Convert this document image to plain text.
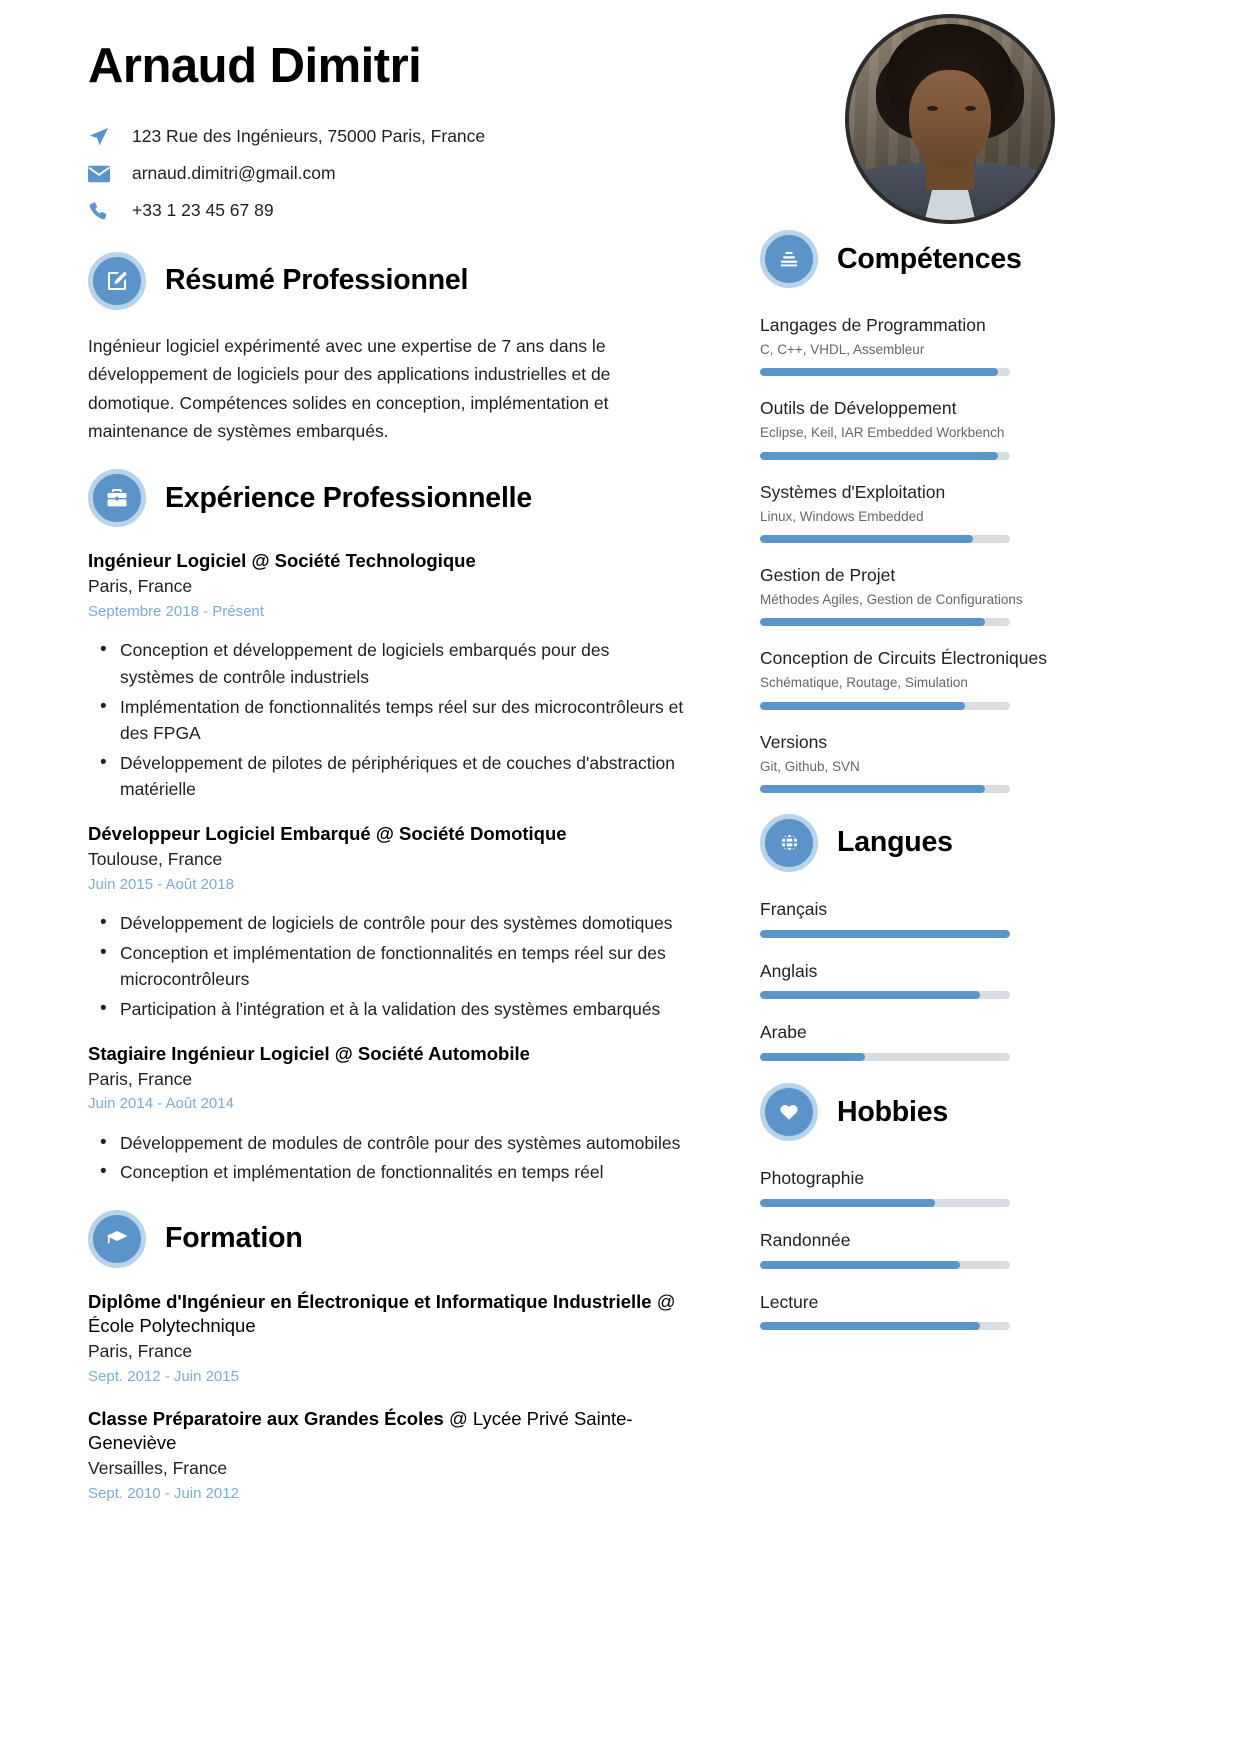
Arnaud Dimitri
123 Rue des Ingénieurs, 75000 Paris, France
arnaud.dimitri@gmail.com
+33 1 23 45 67 89
Résumé Professionnel

Ingénieur logiciel expérimenté avec une expertise de 7 ans dans le développement de logiciels pour des applications industrielles et de domotique. Compétences solides en conception, implémentation et maintenance de systèmes embarqués.

Expérience Professionnelle
Ingénieur Logiciel @ Société Technologique
Paris, France
Septembre 2018 - Présent
• Conception et développement de logiciels embarqués pour des systèmes de contrôle industriels
• Implémentation de fonctionnalités temps réel sur des microcontrôleurs et des FPGA
• Développement de pilotes de périphériques et de couches d'abstraction matérielle
Développeur Logiciel Embarqué @ Société Domotique
Toulouse, France
Juin 2015 - Août 2018
• Développement de logiciels de contrôle pour des systèmes domotiques
• Conception et implémentation de fonctionnalités en temps réel sur des microcontrôleurs
• Participation à l'intégration et à la validation des systèmes embarqués
Stagiaire Ingénieur Logiciel @ Société Automobile
Paris, France
Juin 2014 - Août 2014
• Développement de modules de contrôle pour des systèmes automobiles
• Conception et implémentation de fonctionnalités en temps réel
Formation
Diplôme d'Ingénieur en Électronique et Informatique Industrielle @ École Polytechnique
Paris, France
Sept. 2012 - Juin 2015
Classe Préparatoire aux Grandes Écoles @ Lycée Privé Sainte-Geneviève
Versailles, France
Sept. 2010 - Juin 2012
Compétences
Langages de Programmation
C, C++, VHDL, Assembleur
Outils de Développement
Eclipse, Keil, IAR Embedded Workbench
Systèmes d'Exploitation
Linux, Windows Embedded
Gestion de Projet
Méthodes Agiles, Gestion de Configurations
Conception de Circuits Électroniques
Schématique, Routage, Simulation
Versions
Git, Github, SVN
Langues
Français
Anglais
Arabe
Hobbies
Photographie
Randonnée
Lecture
